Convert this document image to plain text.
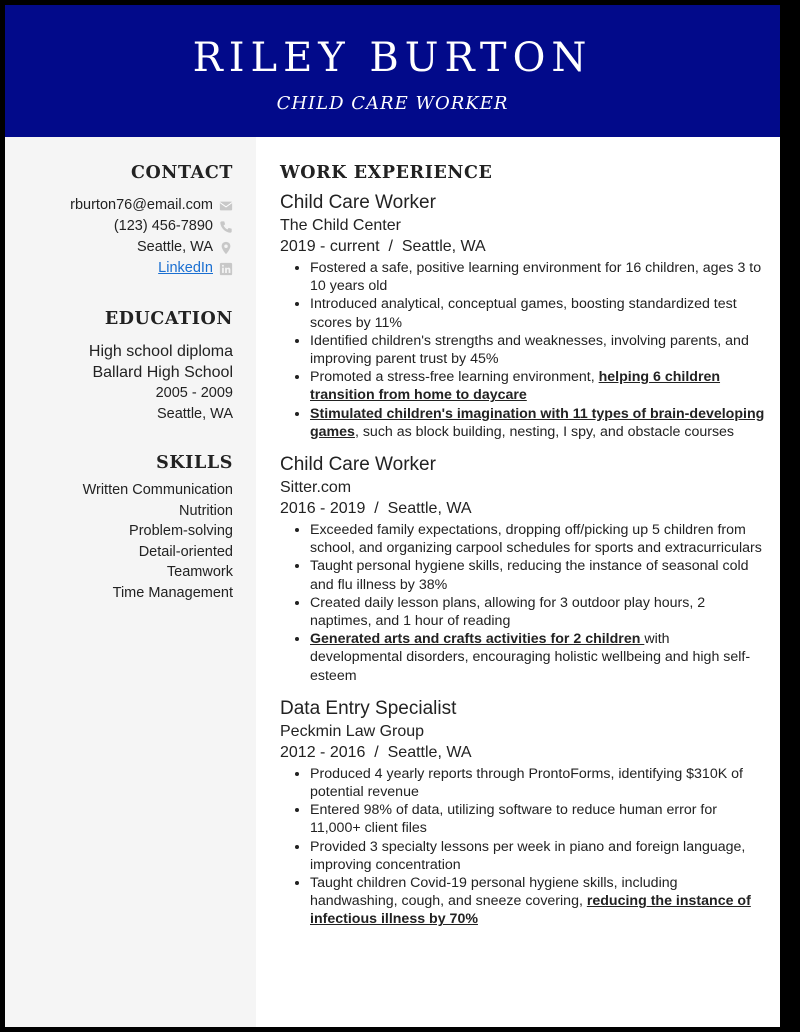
RILEY BURTON
CHILD CARE WORKER
CONTACT
rburton76@email.com
(123) 456-7890
Seattle, WA
LinkedIn
EDUCATION
High school diploma
Ballard High School
2005 - 2009
Seattle, WA
SKILLS
Written Communication
Nutrition
Problem-solving
Detail-oriented
Teamwork
Time Management
WORK EXPERIENCE
Child Care Worker
The Child Center
2019 - current  /  Seattle, WA
• Fostered a safe, positive learning environment for 16 children, ages 3 to 10 years old
• Introduced analytical, conceptual games, boosting standardized test scores by 11%
• Identified children's strengths and weaknesses, involving parents, and improving parent trust by 45%
• Promoted a stress-free learning environment, helping 6 children transition from home to daycare
• Stimulated children's imagination with 11 types of brain-developing games, such as block building, nesting, I spy, and obstacle courses
Child Care Worker
Sitter.com
2016 - 2019  /  Seattle, WA
• Exceeded family expectations, dropping off/picking up 5 children from school, and organizing carpool schedules for sports and extracurriculars
• Taught personal hygiene skills, reducing the instance of seasonal cold and flu illness by 38%
• Created daily lesson plans, allowing for 3 outdoor play hours, 2 naptimes, and 1 hour of reading
• Generated arts and crafts activities for 2 children with developmental disorders, encouraging holistic wellbeing and high self-esteem
Data Entry Specialist
Peckmin Law Group
2012 - 2016  /  Seattle, WA
• Produced 4 yearly reports through ProntoForms, identifying $310K of potential revenue
• Entered 98% of data, utilizing software to reduce human error for 11,000+ client files
• Provided 3 specialty lessons per week in piano and foreign language, improving concentration
• Taught children Covid-19 personal hygiene skills, including handwashing, cough, and sneeze covering, reducing the instance of infectious illness by 70%
